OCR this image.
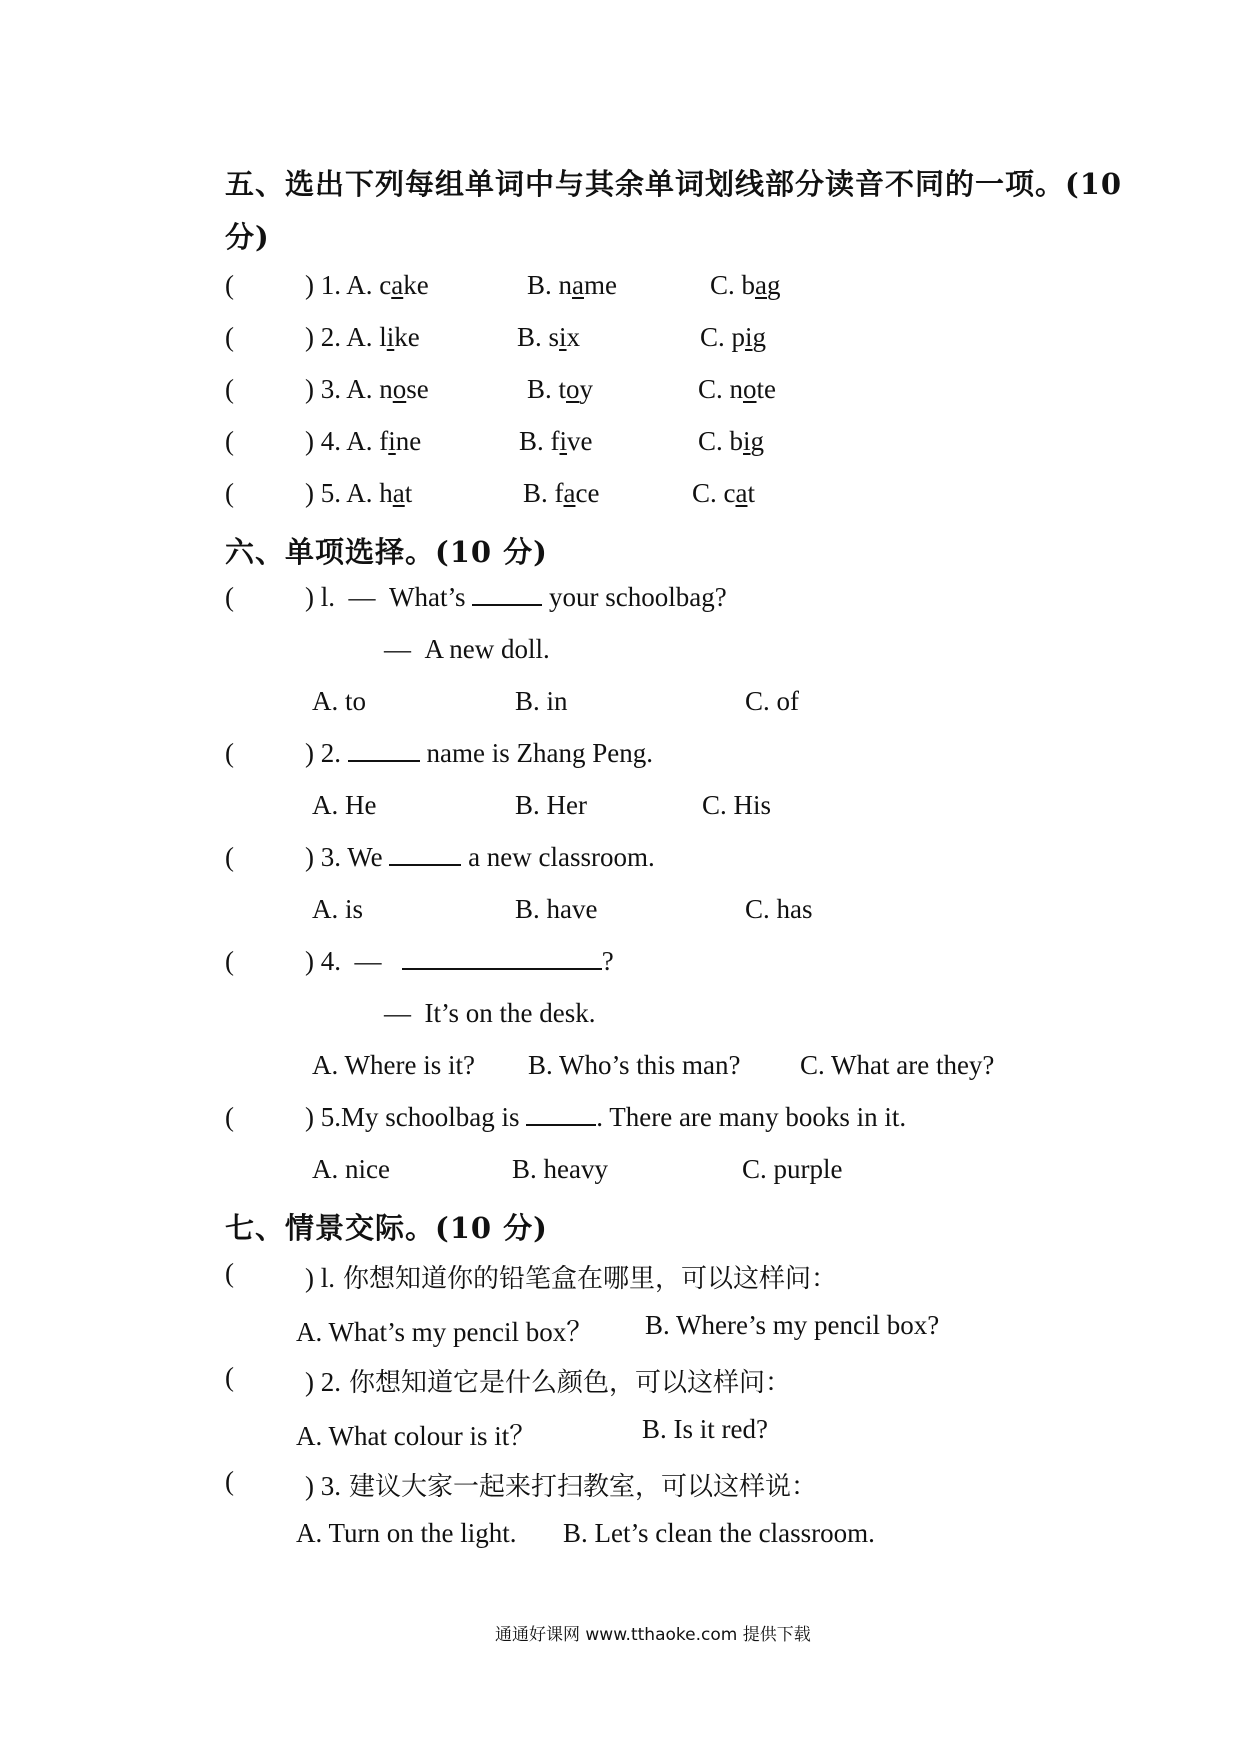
五、选出下列每组单词中与其余单词划线部分读音不同的一项。(10
分)
(	) 1. A. cake	B. name	C. bag
(	) 2. A. like	B. six	C. pig
(	) 3. A. nose	B. toy	C. note
(	) 4. A. fine	B. five	C. big
(	) 5. A. hat	B. face	C. cat
六、单项选择。(10 分)
(	) l. — What’s	your schoolbag?
— A new doll.
A. to	B. in	C. of
(	) 2.	name is Zhang Peng.
A. He	B. Her	C. His
(	) 3. We	a new classroom.
A. is	B. have	C. has
(	) 4. —	?
— It’s on the desk.
A. Where is it? B. Who’s this man? C. What are they?
(	) 5.My schoolbag is	. There are many books in it.
A. nice	B. heavy	C. purple
七、情景交际。(10 分)
(	) l. 你想知道你的铅笔盒在哪里，可以这样问：
A. What’s my pencil box？ B. Where’s my pencil box?
(	) 2. 你想知道它是什么颜色，可以这样问：
A. What colour is it？	B. Is it red?
(	) 3. 建议大家一起来打扫教室，可以这样说：
A. Turn on the light. B. Let’s clean the classroom.
通通好课网 www.tthaoke.com 提供下载
